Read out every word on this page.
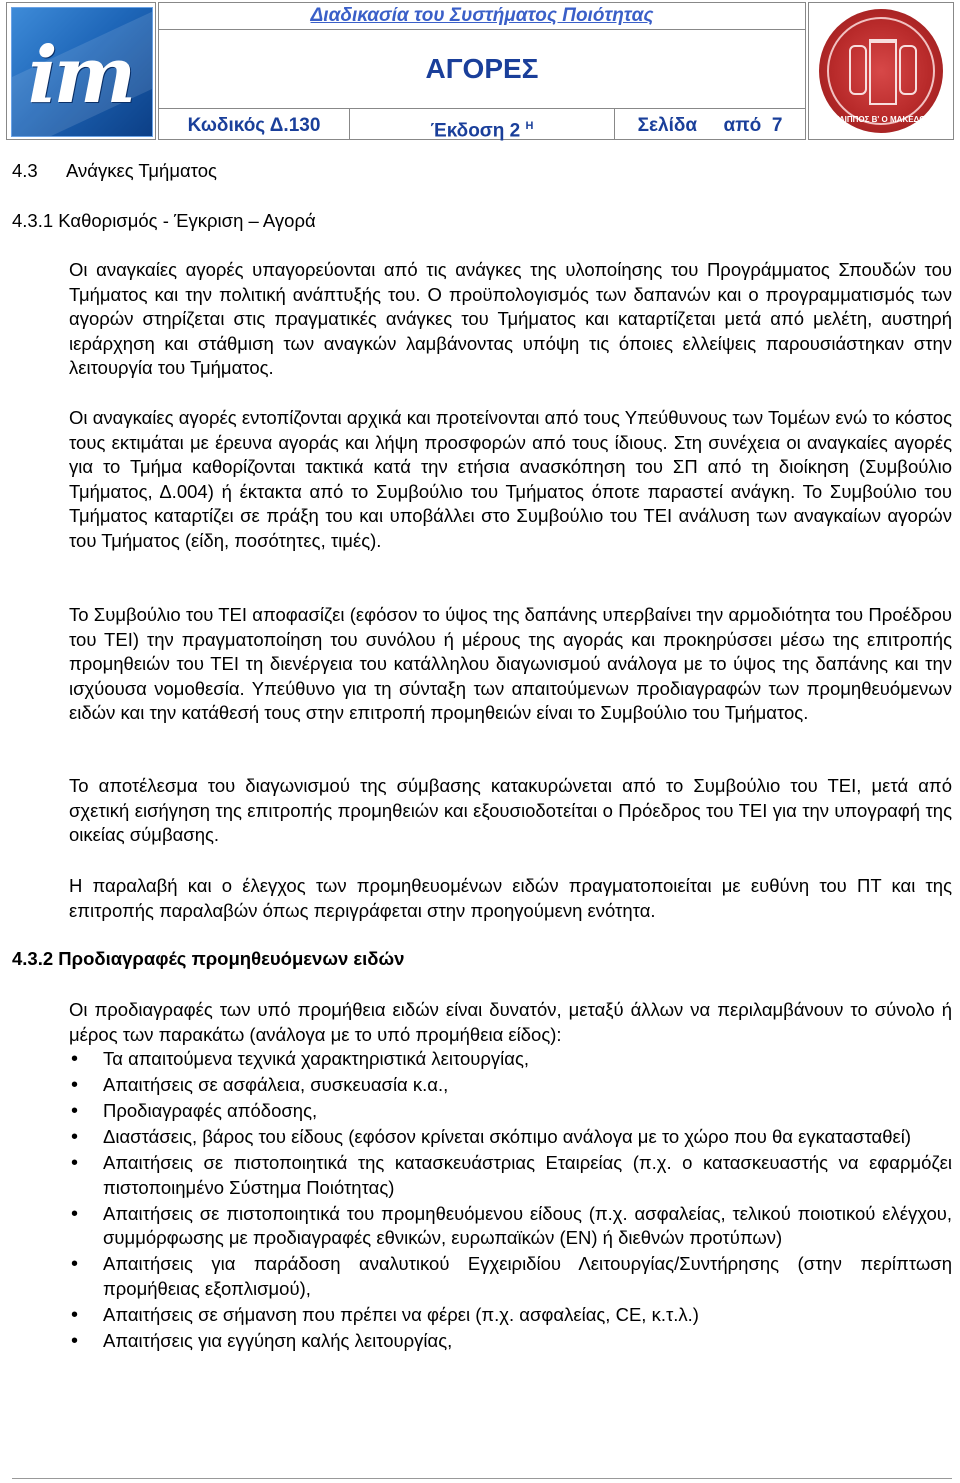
im
Διαδικασία του Συστήματος Ποιότητας
ΑΓΟΡΕΣ
Κωδικός Δ.130	Έκδοση 2 $^H$	Σελίδα     από  7	ΦΙΛΙΠΠΟΣ Β' Ο ΜΑΚΕΔΩΝ
4.3 Ανάγκες Τμήματος
4.3.1 Καθορισμός - Έγκριση – Αγορά

Οι αναγκαίες αγορές υπαγορεύονται από τις ανάγκες της υλοποίησης του Προγράμματος Σπουδών του Τμήματος και την πολιτική ανάπτυξής του. Ο προϋπολογισμός των δαπανών και ο προγραμματισμός των αγορών στηρίζεται στις πραγματικές ανάγκες του Τμήματος και καταρτίζεται μετά από μελέτη, αυστηρή ιεράρχηση και στάθμιση των αναγκών λαμβάνοντας υπόψη τις όποιες ελλείψεις παρουσιάστηκαν στην λειτουργία του Τμήματος.

Οι αναγκαίες αγορές εντοπίζονται αρχικά και προτείνονται από τους Υπεύθυνους των Τομέων ενώ το κόστος τους εκτιμάται με έρευνα αγοράς και λήψη προσφορών από τους ίδιους. Στη συνέχεια οι αναγκαίες αγορές για το Τμήμα καθορίζονται τακτικά κατά την ετήσια ανασκόπηση του ΣΠ από τη διοίκηση (Συμβούλιο Τμήματος, Δ.004) ή έκτακτα από το Συμβούλιο του Τμήματος όποτε παραστεί ανάγκη. Το Συμβούλιο του Τμήματος καταρτίζει σε πράξη του και υποβάλλει στο Συμβούλιο του ΤΕΙ ανάλυση των αναγκαίων αγορών του Τμήματος (είδη, ποσότητες, τιμές).

Το Συμβούλιο του ΤΕΙ αποφασίζει (εφόσον το ύψος της δαπάνης υπερβαίνει την αρμοδιότητα του Προέδρου του ΤΕΙ) την πραγματοποίηση του συνόλου ή μέρους της αγοράς και προκηρύσσει μέσω της επιτροπής προμηθειών του ΤΕΙ τη διενέργεια του κατάλληλου διαγωνισμού ανάλογα με το ύψος της δαπάνης και την ισχύουσα νομοθεσία. Υπεύθυνο για τη σύνταξη των απαιτούμενων προδιαγραφών των προμηθευόμενων ειδών και την κατάθεσή τους στην επιτροπή προμηθειών είναι το Συμβούλιο του Τμήματος.

Το αποτέλεσμα του διαγωνισμού της σύμβασης κατακυρώνεται από το Συμβούλιο του ΤΕΙ, μετά από σχετική εισήγηση της επιτροπής προμηθειών και εξουσιοδοτείται ο Πρόεδρος του ΤΕΙ για την υπογραφή της οικείας σύμβασης.

Η παραλαβή και ο έλεγχος των προμηθευομένων ειδών πραγματοποιείται με ευθύνη του ΠΤ και της επιτροπής παραλαβών όπως περιγράφεται στην προηγούμενη ενότητα.

4.3.2 Προδιαγραφές προμηθευόμενων ειδών

Οι προδιαγραφές των υπό προμήθεια ειδών είναι δυνατόν, μεταξύ άλλων να περιλαμβάνουν το σύνολο ή μέρος των παρακάτω (ανάλογα με το υπό προμήθεια είδος):

• Τα απαιτούμενα τεχνικά χαρακτηριστικά λειτουργίας,
• Απαιτήσεις σε ασφάλεια, συσκευασία κ.α.,
• Προδιαγραφές απόδοσης,
• Διαστάσεις, βάρος του είδους (εφόσον κρίνεται σκόπιμο ανάλογα με το χώρο που θα εγκατασταθεί)
• Απαιτήσεις σε πιστοποιητικά της κατασκευάστριας Εταιρείας (π.χ. ο κατασκευαστής να εφαρμόζει πιστοποιημένο Σύστημα Ποιότητας)
• Απαιτήσεις σε πιστοποιητικά του προμηθευόμενου είδους (π.χ. ασφαλείας, τελικού ποιοτικού ελέγχου, συμμόρφωσης με προδιαγραφές εθνικών, ευρωπαϊκών (ΕΝ) ή διεθνών προτύπων)
• Απαιτήσεις για παράδοση αναλυτικού Εγχειριδίου Λειτουργίας/Συντήρησης (στην περίπτωση προμήθειας εξοπλισμού),
• Απαιτήσεις σε σήμανση που πρέπει να φέρει (π.χ. ασφαλείας, CE, κ.τ.λ.)
• Απαιτήσεις για εγγύηση καλής λειτουργίας,
